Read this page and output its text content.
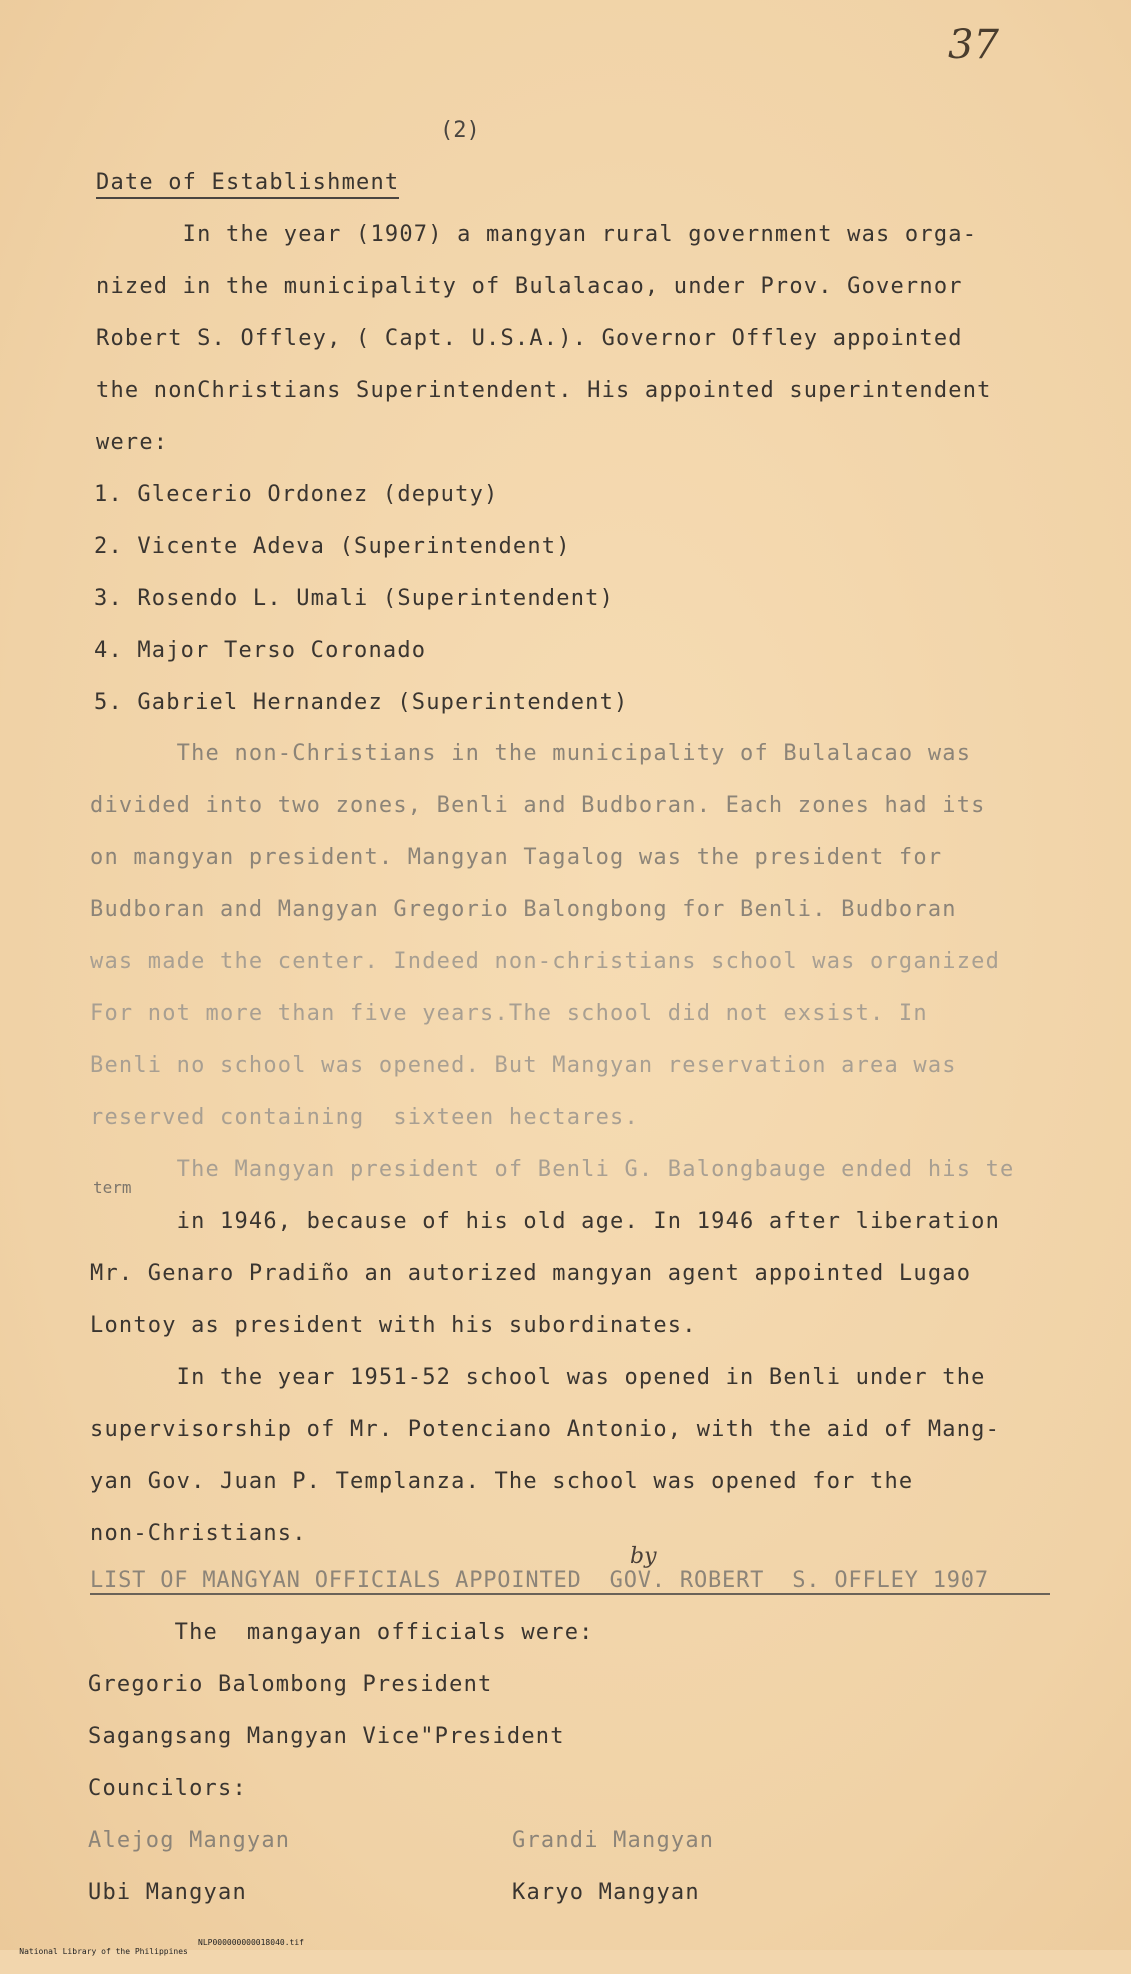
37
(2)
Date of Establishment
In the year (1907) a mangyan rural government was orga-
nized in the municipality of Bulalacao, under Prov. Governor
Robert S. Offley, ( Capt. U.S.A.). Governor Offley appointed
the nonChristians Superintendent. His appointed superintendent
were:
1. Glecerio Ordonez (deputy)
2. Vicente Adeva (Superintendent)
3. Rosendo L. Umali (Superintendent)
4. Major Terso Coronado
5. Gabriel Hernandez (Superintendent)
The non-Christians in the municipality of Bulalacao was
divided into two zones, Benli and Budboran. Each zones had its
on mangyan president. Mangyan Tagalog was the president for
Budboran and Mangyan Gregorio Balongbong for Benli. Budboran
was made the center. Indeed non-christians school was organized
For not more than five years.The school did not exsist. In
Benli no school was opened. But Mangyan reservation area was
reserved containing  sixteen hectares.
The Mangyan president of Benli G. Balongbauge ended his te
term
in 1946, because of his old age. In 1946 after liberation
Mr. Genaro Pradiño an autorized mangyan agent appointed Lugao
Lontoy as president with his subordinates.
In the year 1951-52 school was opened in Benli under the
supervisorship of Mr. Potenciano Antonio, with the aid of Mang-
yan Gov. Juan P. Templanza. The school was opened for the
non-Christians.
by
LIST OF MANGYAN OFFICIALS APPOINTED  GOV. ROBERT  S. OFFLEY 1907
The  mangayan officials were:
Gregorio Balombong President
Sagangsang Mangyan Vice"President
Councilors:
Alejog Mangyan	Grandi Mangyan
Ubi Mangyan	Karyo Mangyan

National Library of the Philippines

NLP000000000018040.tif
